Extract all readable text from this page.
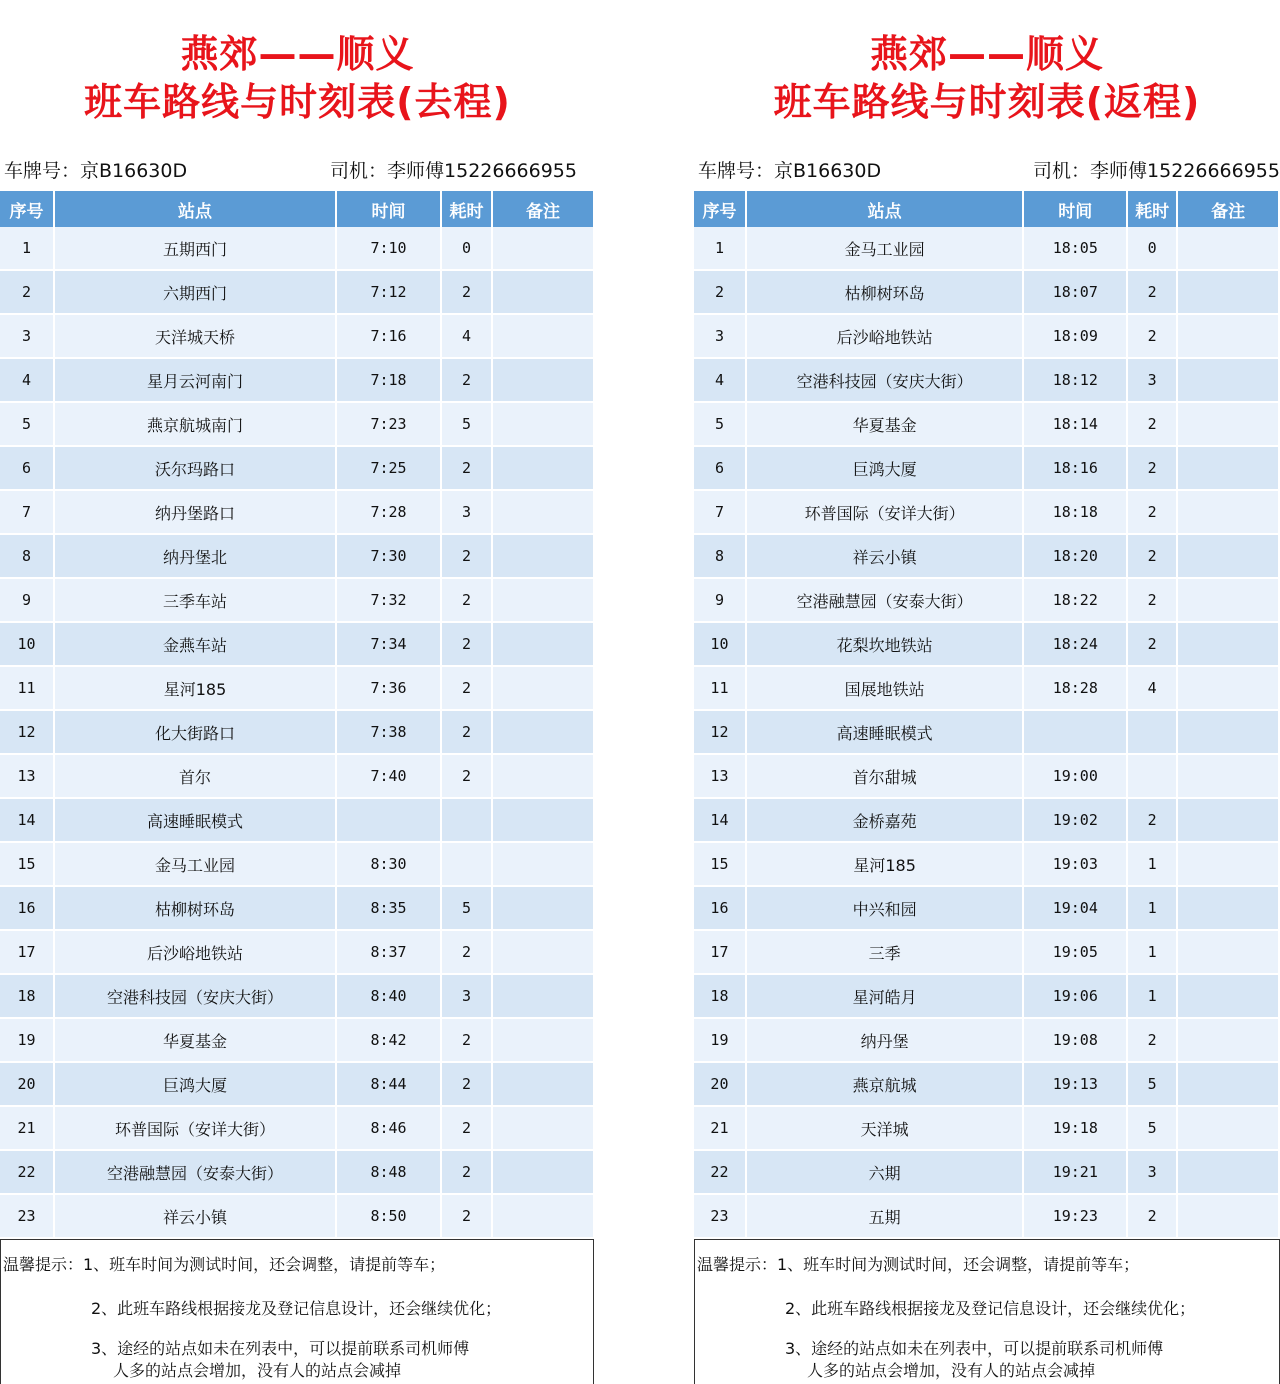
燕郊——顺义
班车路线与时刻表(去程)
车牌号：京B16630D	司机：李师傅15226666955
序号	站点	时间	耗时	备注
1	五期西门	7:10	0	
2	六期西门	7:12	2	
3	天洋城天桥	7:16	4	
4	星月云河南门	7:18	2	
5	燕京航城南门	7:23	5	
6	沃尔玛路口	7:25	2	
7	纳丹堡路口	7:28	3	
8	纳丹堡北	7:30	2	
9	三季车站	7:32	2	
10	金燕车站	7:34	2	
11	星河185	7:36	2	
12	化大街路口	7:38	2	
13	首尔	7:40	2	
14	高速睡眠模式			
15	金马工业园	8:30		
16	枯柳树环岛	8:35	5	
17	后沙峪地铁站	8:37	2	
18	空港科技园（安庆大街）	8:40	3	
19	华夏基金	8:42	2	
20	巨鸿大厦	8:44	2	
21	环普国际（安详大街）	8:46	2	
22	空港融慧园（安泰大街）	8:48	2	
23	祥云小镇	8:50	2	
温馨提示：1、班车时间为测试时间，还会调整，请提前等车；
2、此班车路线根据接龙及登记信息设计，还会继续优化；
3、途经的站点如未在列表中，可以提前联系司机师傅
人多的站点会增加，没有人的站点会减掉
燕郊——顺义
班车路线与时刻表(返程)
车牌号：京B16630D	司机：李师傅15226666955
序号	站点	时间	耗时	备注
1	金马工业园	18:05	0	
2	枯柳树环岛	18:07	2	
3	后沙峪地铁站	18:09	2	
4	空港科技园（安庆大街）	18:12	3	
5	华夏基金	18:14	2	
6	巨鸿大厦	18:16	2	
7	环普国际（安详大街）	18:18	2	
8	祥云小镇	18:20	2	
9	空港融慧园（安泰大街）	18:22	2	
10	花梨坎地铁站	18:24	2	
11	国展地铁站	18:28	4	
12	高速睡眠模式			
13	首尔甜城	19:00		
14	金桥嘉苑	19:02	2	
15	星河185	19:03	1	
16	中兴和园	19:04	1	
17	三季	19:05	1	
18	星河皓月	19:06	1	
19	纳丹堡	19:08	2	
20	燕京航城	19:13	5	
21	天洋城	19:18	5	
22	六期	19:21	3	
23	五期	19:23	2	
温馨提示：1、班车时间为测试时间，还会调整，请提前等车；
2、此班车路线根据接龙及登记信息设计，还会继续优化；
3、途经的站点如未在列表中，可以提前联系司机师傅
人多的站点会增加，没有人的站点会减掉
